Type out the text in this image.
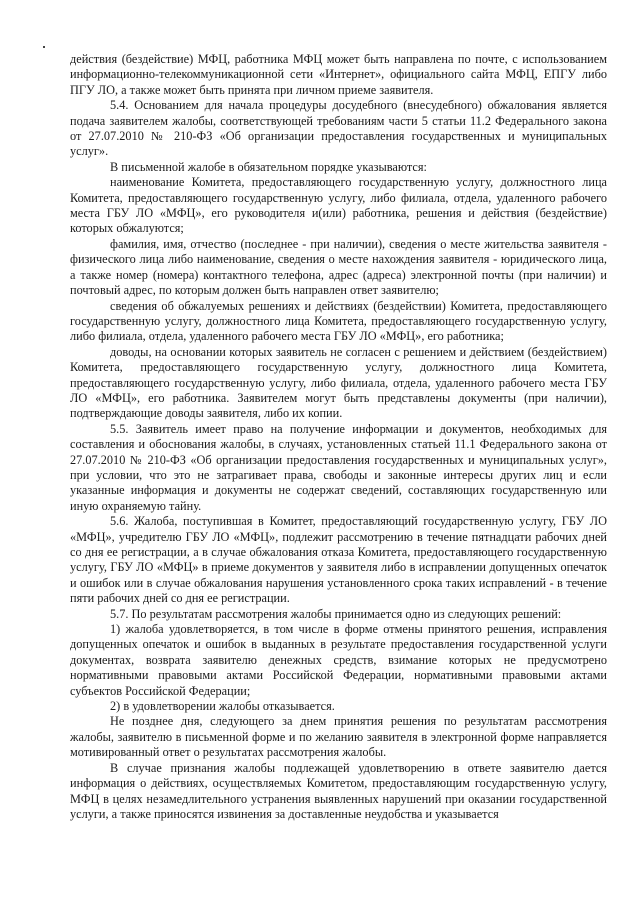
действия (бездействие) МФЦ, работника МФЦ может быть направлена по почте, с использованием информационно-телекоммуникационной сети «Интернет», официального сайта МФЦ, ЕПГУ либо ПГУ ЛО, а также может быть принята при личном приеме заявителя.

5.4. Основанием для начала процедуры досудебного (внесудебного) обжалования является подача заявителем жалобы, соответствующей требованиям части 5 статьи 11.2 Федерального закона от 27.07.2010 № 210-ФЗ «Об организации предоставления государственных и муниципальных услуг».

В письменной жалобе в обязательном порядке указываются:

наименование Комитета, предоставляющего государственную услугу, должностного лица Комитета, предоставляющего государственную услугу, либо филиала, отдела, удаленного рабочего места ГБУ ЛО «МФЦ», его руководителя и(или) работника, решения и действия (бездействие) которых обжалуются;

фамилия, имя, отчество (последнее - при наличии), сведения о месте жительства заявителя - физического лица либо наименование, сведения о месте нахождения заявителя - юридического лица, а также номер (номера) контактного телефона, адрес (адреса) электронной почты (при наличии) и почтовый адрес, по которым должен быть направлен ответ заявителю;

сведения об обжалуемых решениях и действиях (бездействии) Комитета, предоставляющего государственную услугу, должностного лица Комитета, предоставляющего государственную услугу, либо филиала, отдела, удаленного рабочего места ГБУ ЛО «МФЦ», его работника;

доводы, на основании которых заявитель не согласен с решением и действием (бездействием) Комитета, предоставляющего государственную услугу, должностного лица Комитета, предоставляющего государственную услугу, либо филиала, отдела, удаленного рабочего места ГБУ ЛО «МФЦ», его работника. Заявителем могут быть представлены документы (при наличии), подтверждающие доводы заявителя, либо их копии.

5.5. Заявитель имеет право на получение информации и документов, необходимых для составления и обоснования жалобы, в случаях, установленных статьей 11.1 Федерального закона от 27.07.2010 № 210-ФЗ «Об организации предоставления государственных и муниципальных услуг», при условии, что это не затрагивает права, свободы и законные интересы других лиц и если указанные информация и документы не содержат сведений, составляющих государственную или иную охраняемую тайну.

5.6. Жалоба, поступившая в Комитет, предоставляющий государственную услугу, ГБУ ЛО «МФЦ», учредителю ГБУ ЛО «МФЦ», подлежит рассмотрению в течение пятнадцати рабочих дней со дня ее регистрации, а в случае обжалования отказа Комитета, предоставляющего государственную услугу, ГБУ ЛО «МФЦ» в приеме документов у заявителя либо в исправлении допущенных опечаток и ошибок или в случае обжалования нарушения установленного срока таких исправлений - в течение пяти рабочих дней со дня ее регистрации.

5.7. По результатам рассмотрения жалобы принимается одно из следующих решений:

1) жалоба удовлетворяется, в том числе в форме отмены принятого решения, исправления допущенных опечаток и ошибок в выданных в результате предоставления государственной услуги документах, возврата заявителю денежных средств, взимание которых не предусмотрено нормативными правовыми актами Российской Федерации, нормативными правовыми актами субъектов Российской Федерации;

2) в удовлетворении жалобы отказывается.

Не позднее дня, следующего за днем принятия решения по результатам рассмотрения жалобы, заявителю в письменной форме и по желанию заявителя в электронной форме направляется мотивированный ответ о результатах рассмотрения жалобы.

В случае признания жалобы подлежащей удовлетворению в ответе заявителю дается информация о действиях, осуществляемых Комитетом, предоставляющим государственную услугу, МФЦ в целях незамедлительного устранения выявленных нарушений при оказании государственной услуги, а также приносятся извинения за доставленные неудобства и указывается
